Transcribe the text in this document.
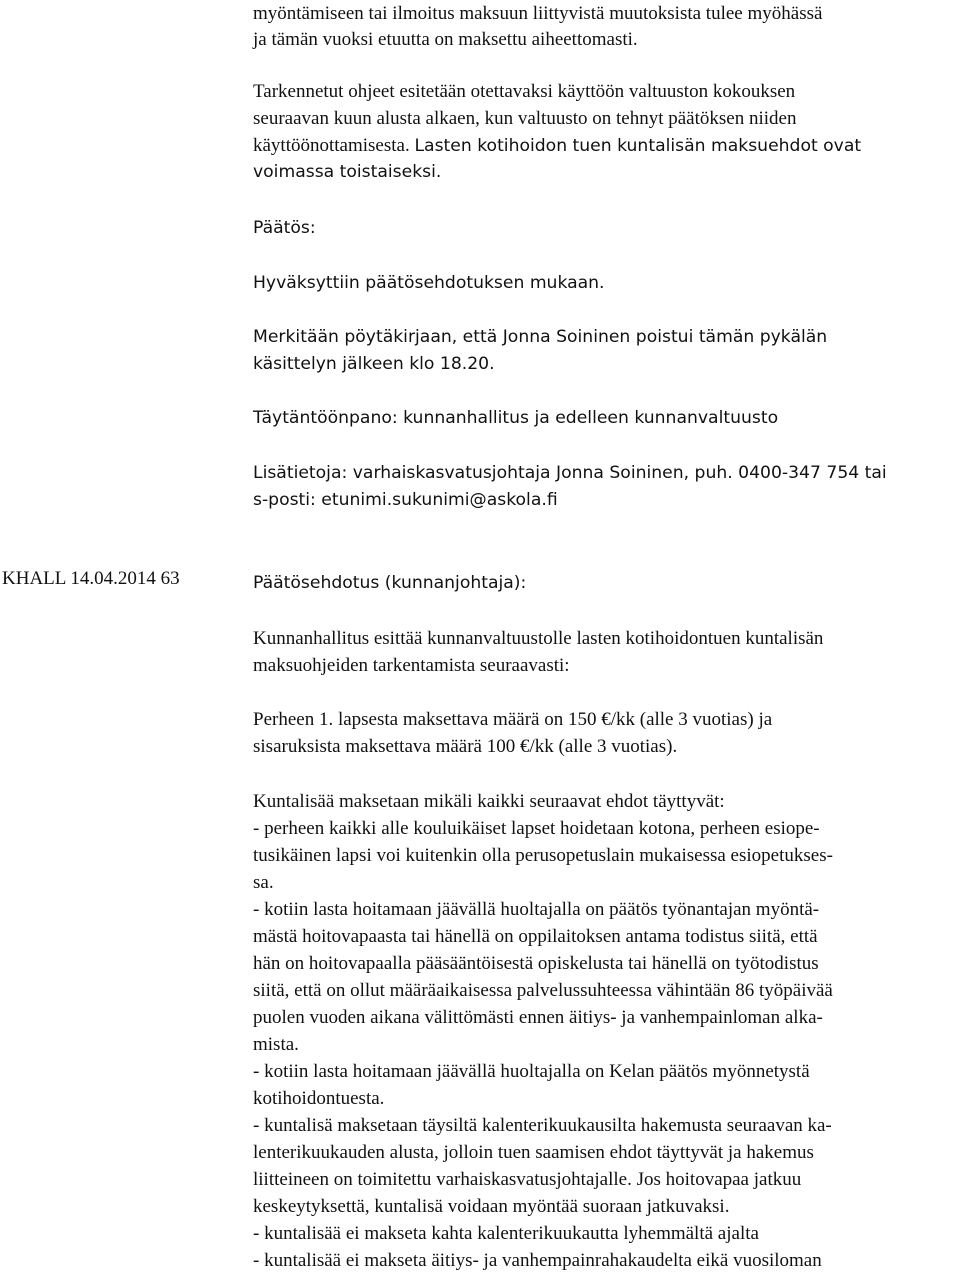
myöntämiseen tai ilmoitus maksuun liittyvistä muutoksista tulee myöhässä

ja tämän vuoksi etuutta on maksettu aiheettomasti.

Tarkennetut ohjeet esitetään otettavaksi käyttöön valtuuston kokouksen

seuraavan kuun alusta alkaen, kun valtuusto on tehnyt päätöksen niiden

käyttöönottamisesta. Lasten kotihoidon tuen kuntalisän maksuehdot ovat

voimassa toistaiseksi.

Päätös:

Hyväksyttiin päätösehdotuksen mukaan.

Merkitään pöytäkirjaan, että Jonna Soininen poistui tämän pykälän

käsittelyn jälkeen klo 18.20.

Täytäntöönpano: kunnanhallitus ja edelleen kunnanvaltuusto

Lisätietoja: varhaiskasvatusjohtaja Jonna Soininen, puh. 0400-347 754 tai

s-posti: etunimi.sukunimi@askola.fi

KHALL 14.04.2014 63	Päätösehdotus (kunnanjohtaja):

Kunnanhallitus esittää kunnanvaltuustolle lasten kotihoidontuen kuntalisän

maksuohjeiden tarkentamista seuraavasti:

Perheen 1. lapsesta maksettava määrä on 150 €/kk (alle 3 vuotias) ja

sisaruksista maksettava määrä 100 €/kk (alle 3 vuotias).

Kuntalisää maksetaan mikäli kaikki seuraavat ehdot täyttyvät:

- perheen kaikki alle kouluikäiset lapset hoidetaan kotona, perheen esiope-

tusikäinen lapsi voi kuitenkin olla perusopetuslain mukaisessa esiopetukses-

sa.

- kotiin lasta hoitamaan jäävällä huoltajalla on päätös työnantajan myöntä-

mästä hoitovapaasta tai hänellä on oppilaitoksen antama todistus siitä, että

hän on hoitovapaalla pääsääntöisestä opiskelusta tai hänellä on työtodistus

siitä, että on ollut määräaikaisessa palvelussuhteessa vähintään 86 työpäivää

puolen vuoden aikana välittömästi ennen äitiys- ja vanhempainloman alka-

mista.

- kotiin lasta hoitamaan jäävällä huoltajalla on Kelan päätös myönnetystä

kotihoidontuesta.

- kuntalisä maksetaan täysiltä kalenterikuukausilta hakemusta seuraavan ka-

lenterikuukauden alusta, jolloin tuen saamisen ehdot täyttyvät ja hakemus

liitteineen on toimitettu varhaiskasvatusjohtajalle. Jos hoitovapaa jatkuu

keskeytyksettä, kuntalisä voidaan myöntää suoraan jatkuvaksi.

- kuntalisää ei makseta kahta kalenterikuukautta lyhemmältä ajalta

- kuntalisää ei makseta äitiys- ja vanhempainrahakaudelta eikä vuosiloman
